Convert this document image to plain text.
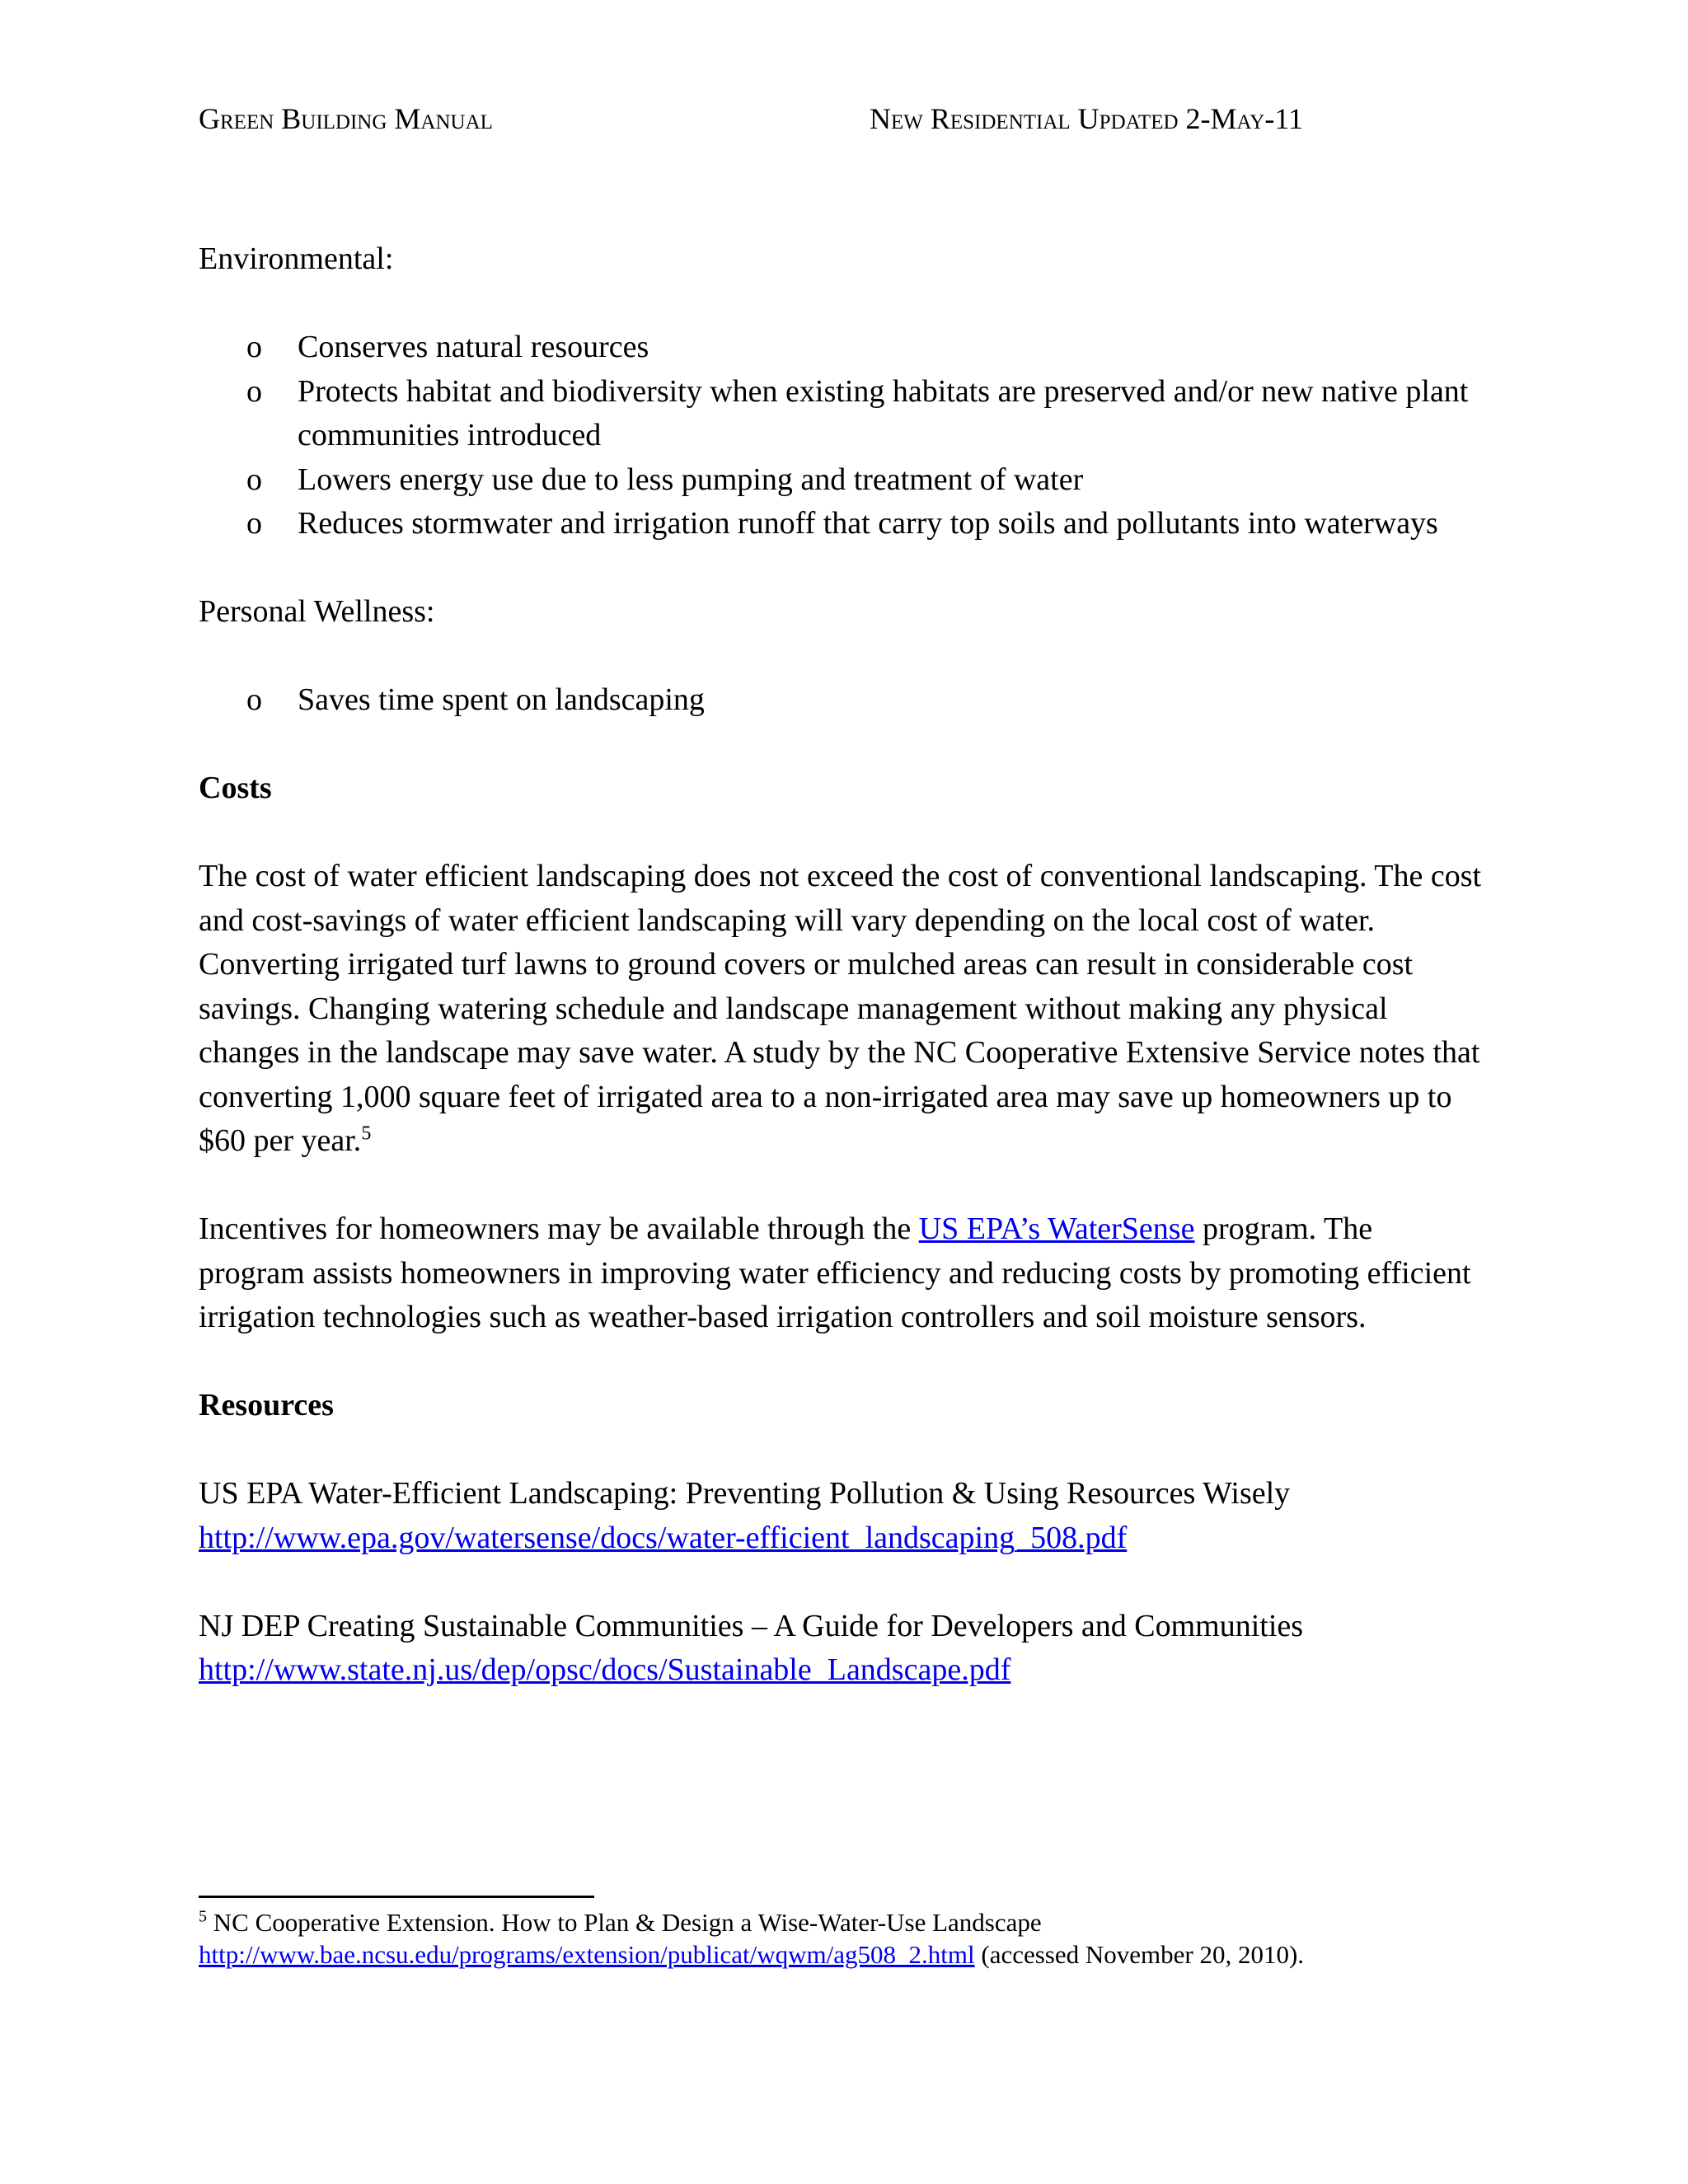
Green Building Manual	New Residential Updated 2-May-11

Environmental:

o Conserves natural resources
o Protects habitat and biodiversity when existing habitats are preserved and/or new native plant communities introduced
o Lowers energy use due to less pumping and treatment of water
o Reduces stormwater and irrigation runoff that carry top soils and pollutants into waterways

Personal Wellness:

o Saves time spent on landscaping

Costs

The cost of water efficient landscaping does not exceed the cost of conventional landscaping. The cost and cost-savings of water efficient landscaping will vary depending on the local cost of water. Converting irrigated turf lawns to ground covers or mulched areas can result in considerable cost savings. Changing watering schedule and landscape management without making any physical changes in the landscape may save water. A study by the NC Cooperative Extensive Service notes that converting 1,000 square feet of irrigated area to a non-irrigated area may save up homeowners up to $60 per year.$^5$

Incentives for homeowners may be available through the US EPA’s WaterSense program. The program assists homeowners in improving water efficiency and reducing costs by promoting efficient irrigation technologies such as weather-based irrigation controllers and soil moisture sensors.

Resources

US EPA Water-Efficient Landscaping: Preventing Pollution & Using Resources Wisely

http://www.epa.gov/watersense/docs/water-efficient_landscaping_508.pdf

NJ DEP Creating Sustainable Communities – A Guide for Developers and Communities

http://www.state.nj.us/dep/opsc/docs/Sustainable_Landscape.pdf

$^5$ NC Cooperative Extension. How to Plan & Design a Wise-Water-Use Landscape
http://www.bae.ncsu.edu/programs/extension/publicat/wqwm/ag508_2.html (accessed November 20, 2010).
